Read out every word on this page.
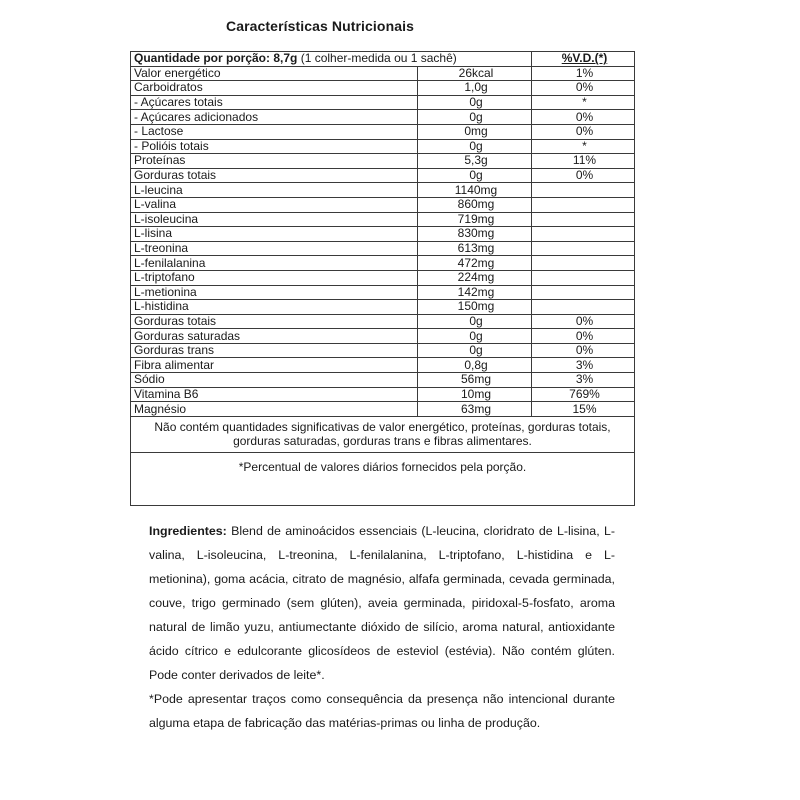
Características Nutricionais
Quantidade por porção: 8,7g (1 colher-medida ou 1 sachê)		%V.D.(*)
Valor energético	26kcal	1%
Carboidratos	1,0g	0%
- Açúcares totais	0g	*
- Açúcares adicionados	0g	0%
- Lactose	0mg	0%
- Polióis totais	0g	*
Proteínas	5,3g	11%
Gorduras totais	0g	0%
L-leucina	1140mg	
L-valina	860mg	
L-isoleucina	719mg	
L-lisina	830mg	
L-treonina	613mg	
L-fenilalanina	472mg	
L-triptofano	224mg	
L-metionina	142mg	
L-histidina	150mg	
Gorduras totais	0g	0%
Gorduras saturadas	0g	0%
Gorduras trans	0g	0%
Fibra alimentar	0,8g	3%
Sódio	56mg	3%
Vitamina B6	10mg	769%
Magnésio	63mg	15%
Não contém quantidades significativas de valor energético, proteínas, gorduras totais, gorduras saturadas, gorduras trans e fibras alimentares.
*Percentual de valores diários fornecidos pela porção.

Ingredientes: Blend de aminoácidos essenciais (L-leucina, cloridrato de L-lisina, L-valina, L-isoleucina, L-treonina, L-fenilalanina, L-triptofano, L-histidina e L-metionina), goma acácia, citrato de magnésio, alfafa germinada, cevada germinada, couve, trigo germinado (sem glúten), aveia germinada, piridoxal-5-fosfato, aroma natural de limão yuzu, antiumectante dióxido de silício, aroma natural, antioxidante ácido cítrico e edulcorante glicosídeos de esteviol (estévia). Não contém glúten. Pode conter derivados de leite*.

*Pode apresentar traços como consequência da presença não intencional durante alguma etapa de fabricação das matérias-primas ou linha de produção.
